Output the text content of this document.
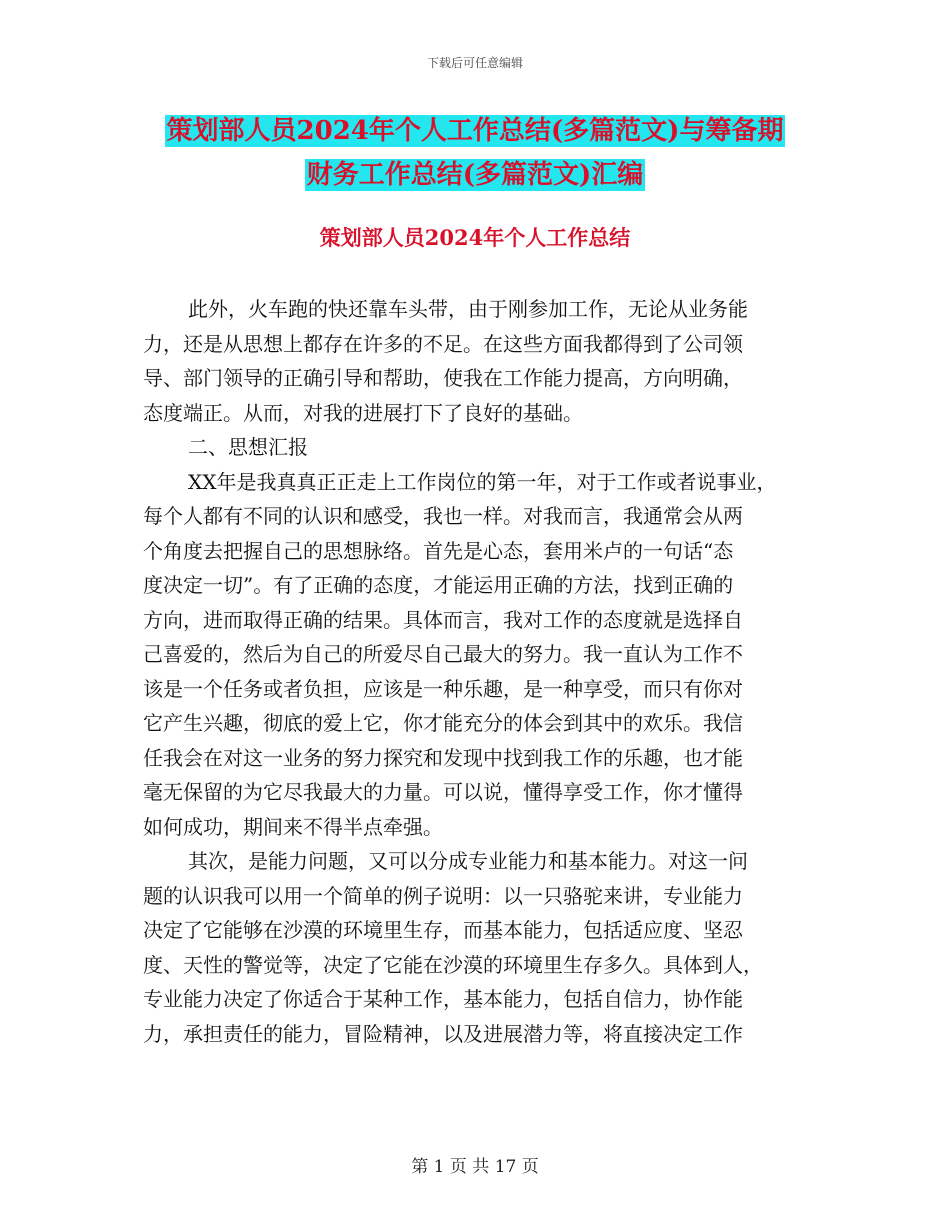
下载后可任意编辑
策划部人员2024年个人工作总结(多篇范文)与筹备期
财务工作总结(多篇范文)汇编
策划部人员2024年个人工作总结
此外，火车跑的快还靠车头带，由于刚参加工作，无论从业务能
力，还是从思想上都存在许多的不足。在这些方面我都得到了公司领
导、部门领导的正确引导和帮助，使我在工作能力提高，方向明确，
态度端正。从而，对我的进展打下了良好的基础。
二、思想汇报
XX年是我真真正正走上工作岗位的第一年，对于工作或者说事业，
每个人都有不同的认识和感受，我也一样。对我而言，我通常会从两
个角度去把握自己的思想脉络。首先是心态，套用米卢的一句话“态
度决定一切”。有了正确的态度，才能运用正确的方法，找到正确的
方向，进而取得正确的结果。具体而言，我对工作的态度就是选择自
己喜爱的，然后为自己的所爱尽自己最大的努力。我一直认为工作不
该是一个任务或者负担，应该是一种乐趣，是一种享受，而只有你对
它产生兴趣，彻底的爱上它，你才能充分的体会到其中的欢乐。我信
任我会在对这一业务的努力探究和发现中找到我工作的乐趣，也才能
毫无保留的为它尽我最大的力量。可以说，懂得享受工作，你才懂得
如何成功，期间来不得半点牵强。
其次，是能力问题，又可以分成专业能力和基本能力。对这一问
题的认识我可以用一个简单的例子说明：以一只骆驼来讲，专业能力
决定了它能够在沙漠的环境里生存，而基本能力，包括适应度、坚忍
度、天性的警觉等，决定了它能在沙漠的环境里生存多久。具体到人，
专业能力决定了你适合于某种工作，基本能力，包括自信力，协作能
力，承担责任的能力，冒险精神，以及进展潜力等，将直接决定工作
第 1 页 共 17 页
